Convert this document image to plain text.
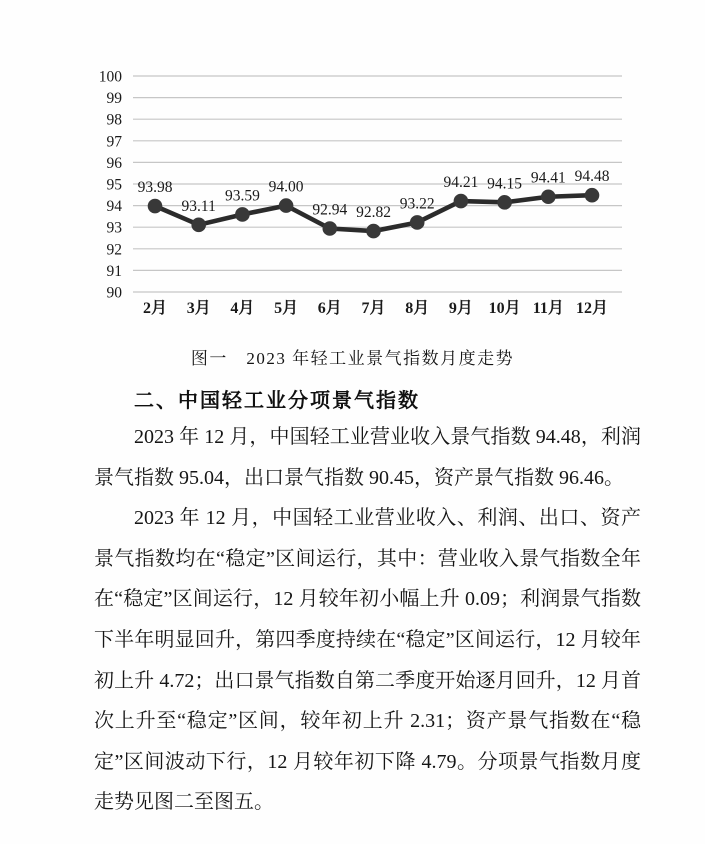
90
91
92
93
94
95
96
97
98
99
100
93.98
2月
93.11
3月
93.59
4月
94.00
5月
92.94
6月
92.82
7月
93.22
8月
94.21
9月
94.15
10月
94.41
11月
94.48
12月
图一　2023 年轻工业景气指数月度走势
二、中国轻工业分项景气指数

2023 年 12 月，中国轻工业营业收入景气指数 94.48，利润景气指数 95.04，出口景气指数 90.45，资产景气指数 96.46。

2023 年 12 月，中国轻工业营业收入、利润、出口、资产景气指数均在“稳定”区间运行，其中：营业收入景气指数全年在“稳定”区间运行，12 月较年初小幅上升 0.09；利润景气指数下半年明显回升，第四季度持续在“稳定”区间运行，12 月较年初上升 4.72；出口景气指数自第二季度开始逐月回升，12 月首次上升至“稳定”区间，较年初上升 2.31；资产景气指数在“稳定”区间波动下行，12 月较年初下降 4.79。分项景气指数月度走势见图二至图五。
